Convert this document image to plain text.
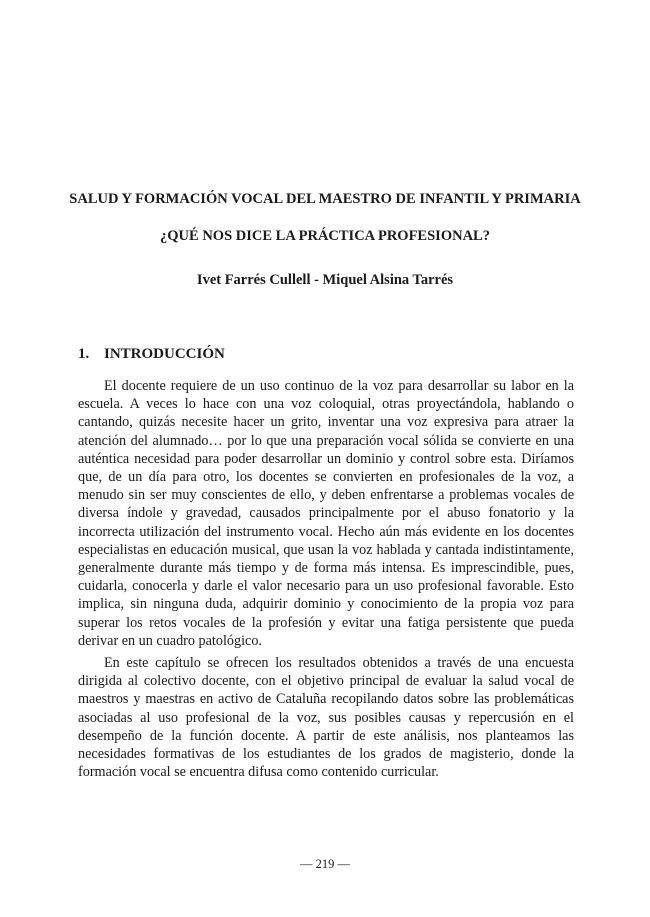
SALUD Y FORMACIÓN VOCAL DEL MAESTRO DE INFANTIL Y PRIMARIA
¿QUÉ NOS DICE LA PRÁCTICA PROFESIONAL?

Ivet Farrés Cullell - Miquel Alsina Tarrés

1. INTRODUCCIÓN

El docente requiere de un uso continuo de la voz para desarrollar su labor en la escuela. A veces lo hace con una voz coloquial, otras proyectándola, hablando o cantando, quizás necesite hacer un grito, inventar una voz expresiva para atraer la atención del alumnado… por lo que una preparación vocal sólida se convierte en una auténtica necesidad para poder desarrollar un dominio y control sobre esta. Diríamos que, de un día para otro, los docentes se convierten en profesionales de la voz, a menudo sin ser muy conscientes de ello, y deben enfrentarse a problemas vocales de diversa índole y gravedad, causados principalmente por el abuso fonatorio y la incorrecta utilización del instrumento vocal. Hecho aún más evidente en los docentes especialistas en educación musical, que usan la voz hablada y cantada indistintamente, generalmente durante más tiempo y de forma más intensa. Es imprescindible, pues, cuidarla, conocerla y darle el valor necesario para un uso profesional favorable. Esto implica, sin ninguna duda, adquirir dominio y conocimiento de la propia voz para superar los retos vocales de la profesión y evitar una fatiga persistente que pueda derivar en un cuadro patológico.

En este capítulo se ofrecen los resultados obtenidos a través de una encuesta dirigida al colectivo docente, con el objetivo principal de evaluar la salud vocal de maestros y maestras en activo de Cataluña recopilando datos sobre las problemáticas asociadas al uso profesional de la voz, sus posibles causas y repercusión en el desempeño de la función docente. A partir de este análisis, nos planteamos las necesidades formativas de los estudiantes de los grados de magisterio, donde la formación vocal se encuentra difusa como contenido curricular.

— 219 —
